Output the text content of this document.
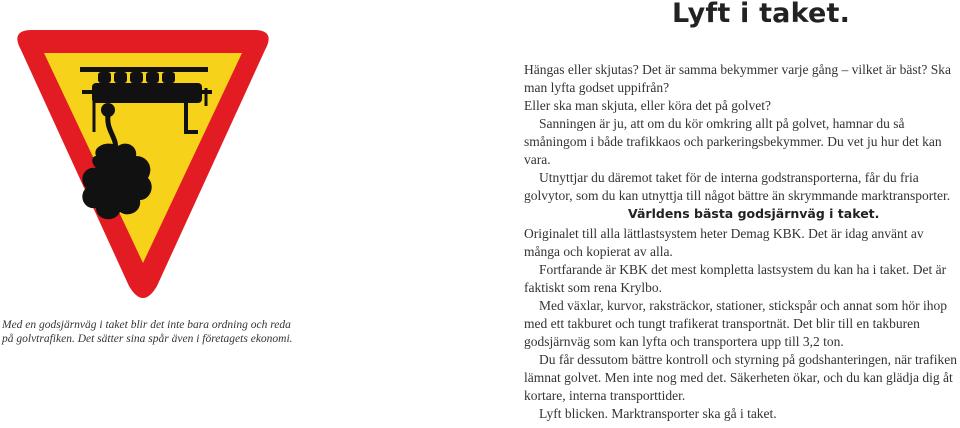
Lyft i taket.

Med en godsjärnväg i taket blir det inte bara ordning och reda på golvtrafiken. Det sätter sina spår även i företagets ekonomi.

Hängas eller skjutas? Det är samma bekymmer varje gång – vilket är bäst? Ska man lyfta godset uppifrån?

Eller ska man skjuta, eller köra det på golvet?

Sanningen är ju, att om du kör omkring allt på golvet, hamnar du så småningom i både trafikkaos och parkeringsbekymmer. Du vet ju hur det kan vara.

Utnyttjar du däremot taket för de interna godstransporterna, får du fria golvytor, som du kan utnyttja till något bättre än skrymmande marktransporter.

Världens bästa godsjärnväg i taket.

Originalet till alla lättlastsystem heter Demag KBK. Det är idag använt av många och kopierat av alla.

Fortfarande är KBK det mest kompletta lastsystem du kan ha i taket. Det är faktiskt som rena Krylbo.

Med växlar, kurvor, raksträckor, stationer, stickspår och annat som hör ihop med ett takburet och tungt trafikerat transportnät. Det blir till en takburen godsjärnväg som kan lyfta och transportera upp till 3,2 ton.

Du får dessutom bättre kontroll och styrning på godshanteringen, när trafiken lämnat golvet. Men inte nog med det. Säkerheten ökar, och du kan glädja dig åt kortare, interna transporttider.

Lyft blicken. Marktransporter ska gå i taket.
